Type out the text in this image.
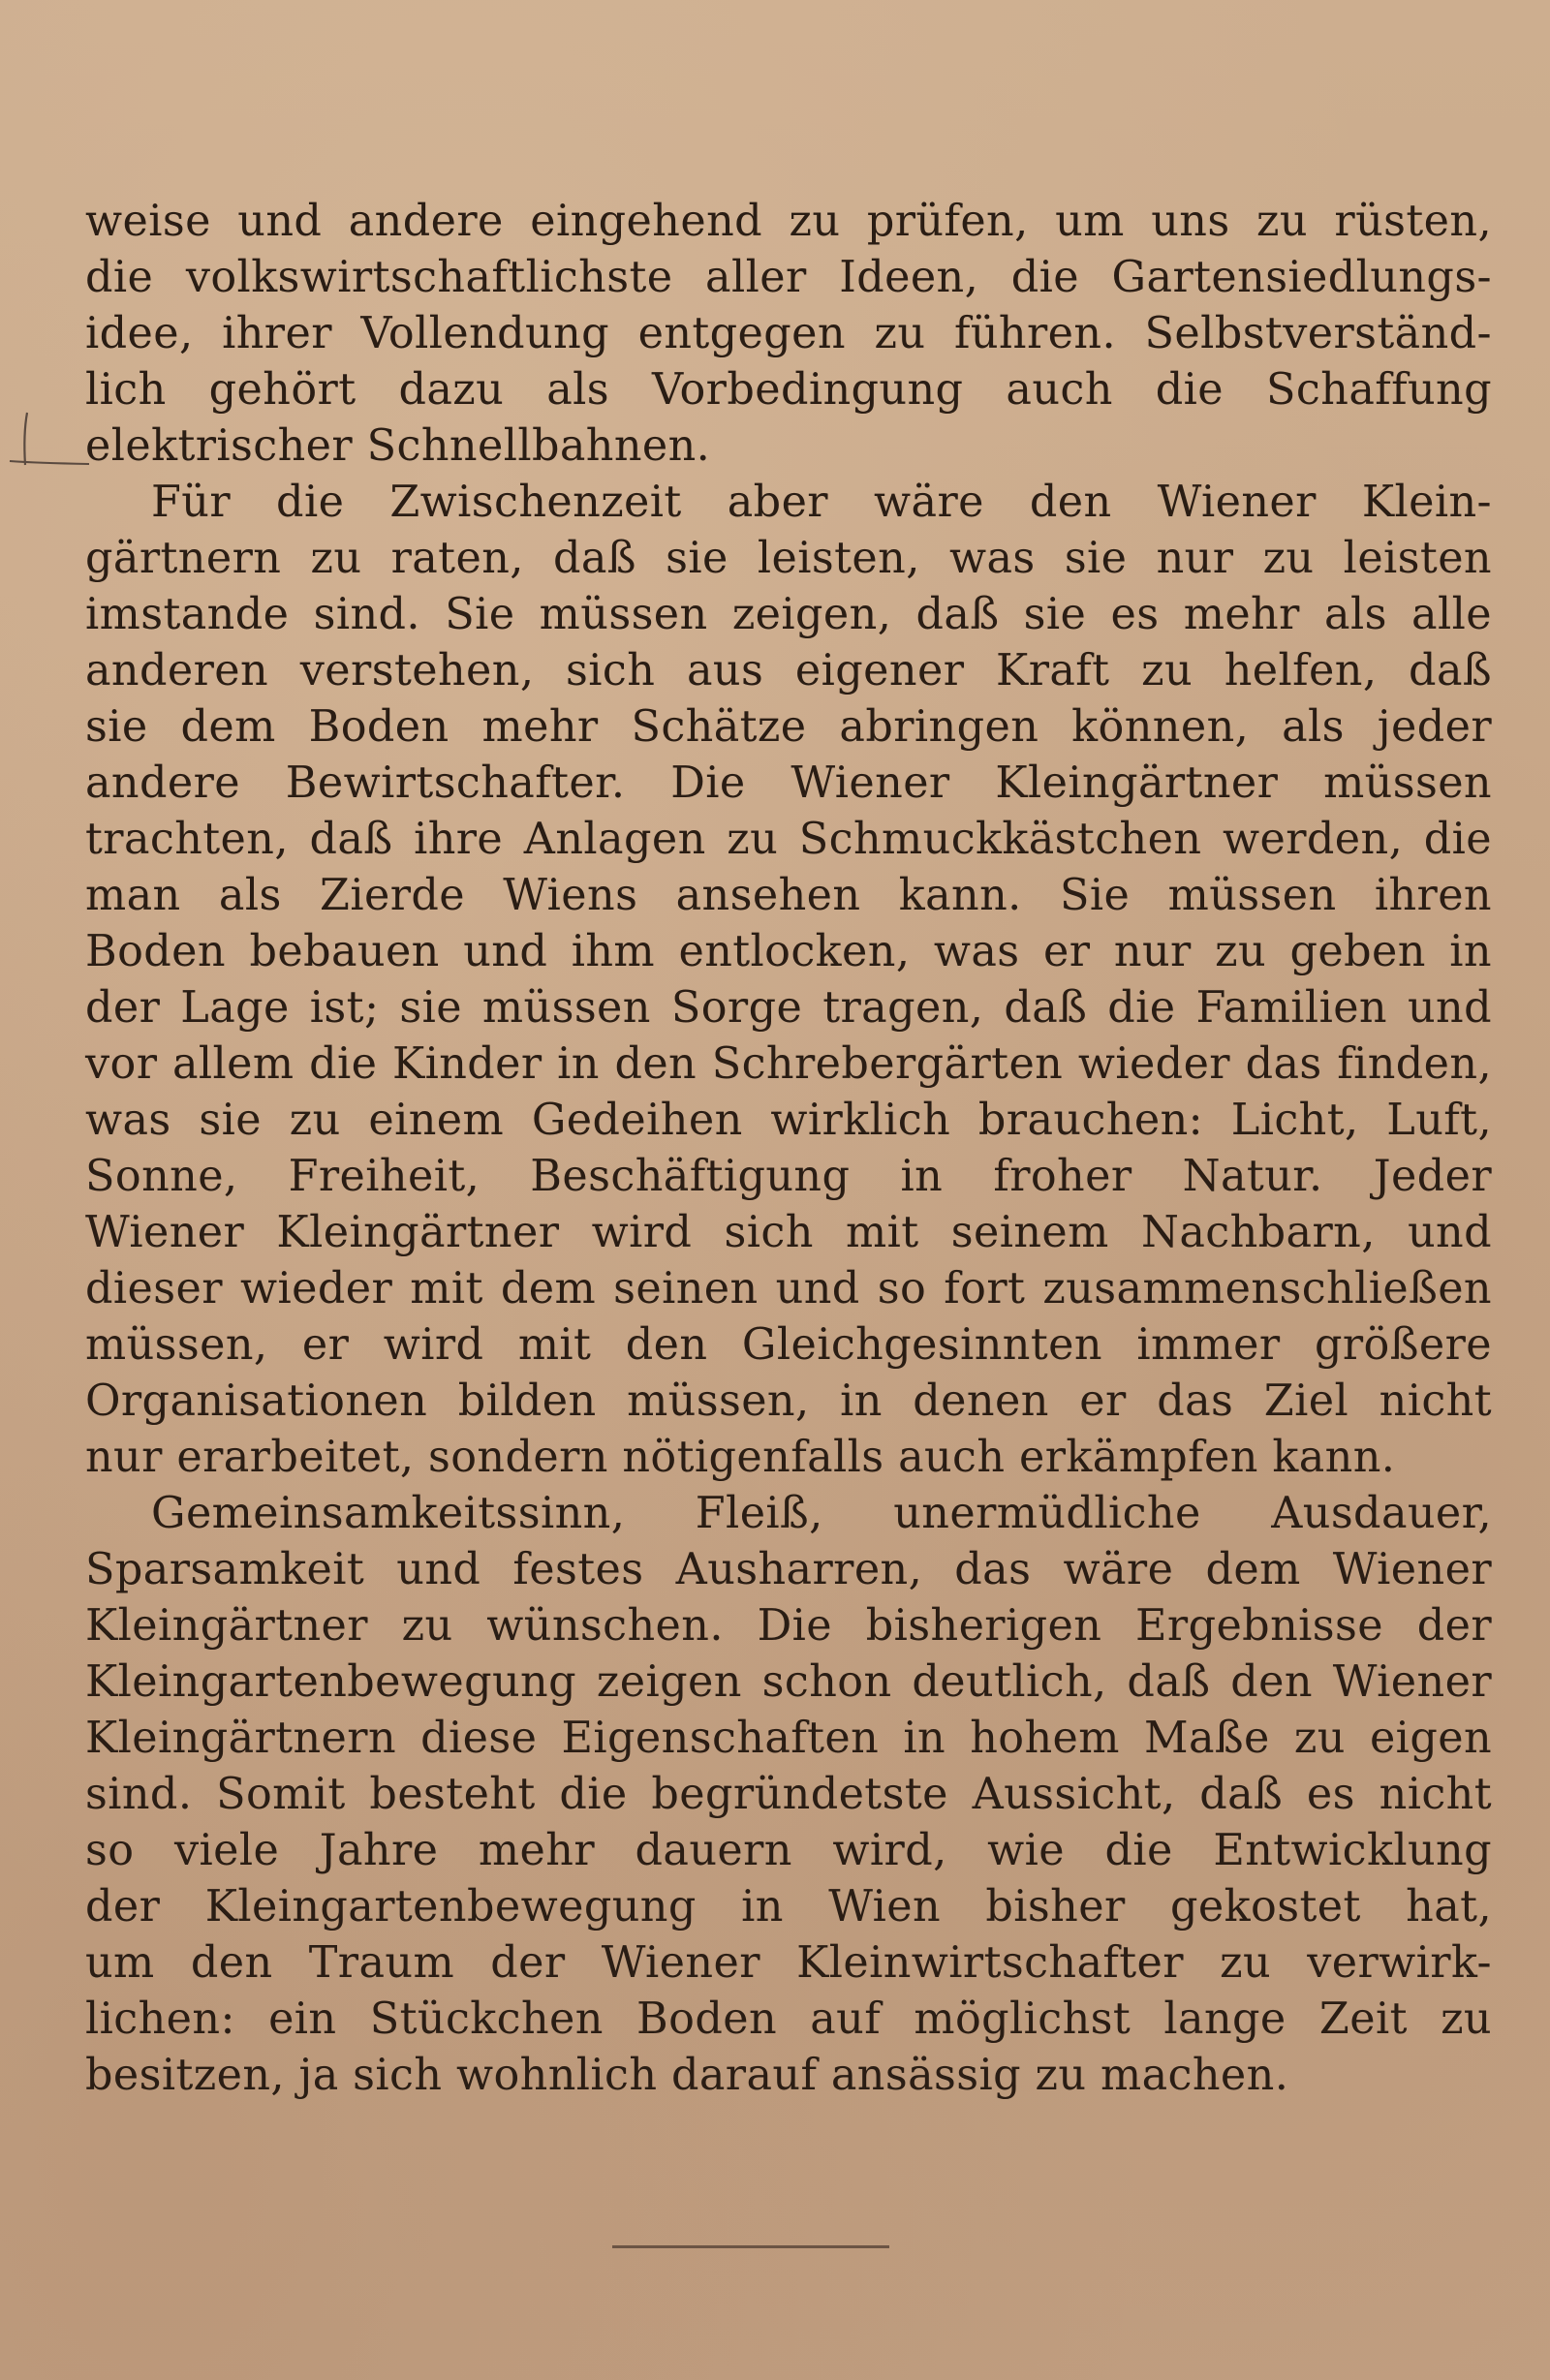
weise und andere eingehend zu prüfen, um uns zu rüsten,
die volkswirtschaftlichste aller Ideen, die Gartensiedlungs-
idee, ihrer Vollendung entgegen zu führen. Selbstverständ-
lich gehört dazu als Vorbedingung auch die Schaffung
elektrischer Schnellbahnen.
Für die Zwischenzeit aber wäre den Wiener Klein-
gärtnern zu raten, daß sie leisten, was sie nur zu leisten
imstande sind. Sie müssen zeigen, daß sie es mehr als alle
anderen verstehen, sich aus eigener Kraft zu helfen, daß
sie dem Boden mehr Schätze abringen können, als jeder
andere Bewirtschafter. Die Wiener Kleingärtner müssen
trachten, daß ihre Anlagen zu Schmuckkästchen werden, die
man als Zierde Wiens ansehen kann. Sie müssen ihren
Boden bebauen und ihm entlocken, was er nur zu geben in
der Lage ist; sie müssen Sorge tragen, daß die Familien und
vor allem die Kinder in den Schrebergärten wieder das finden,
was sie zu einem Gedeihen wirklich brauchen: Licht, Luft,
Sonne, Freiheit, Beschäftigung in froher Natur. Jeder
Wiener Kleingärtner wird sich mit seinem Nachbarn, und
dieser wieder mit dem seinen und so fort zusammenschließen
müssen, er wird mit den Gleichgesinnten immer größere
Organisationen bilden müssen, in denen er das Ziel nicht
nur erarbeitet, sondern nötigenfalls auch erkämpfen kann.
Gemeinsamkeitssinn, Fleiß, unermüdliche Ausdauer,
Sparsamkeit und festes Ausharren, das wäre dem Wiener
Kleingärtner zu wünschen. Die bisherigen Ergebnisse der
Kleingartenbewegung zeigen schon deutlich, daß den Wiener
Kleingärtnern diese Eigenschaften in hohem Maße zu eigen
sind. Somit besteht die begründetste Aussicht, daß es nicht
so viele Jahre mehr dauern wird, wie die Entwicklung
der Kleingartenbewegung in Wien bisher gekostet hat,
um den Traum der Wiener Kleinwirtschafter zu verwirk-
lichen: ein Stückchen Boden auf möglichst lange Zeit zu
besitzen, ja sich wohnlich darauf ansässig zu machen.
